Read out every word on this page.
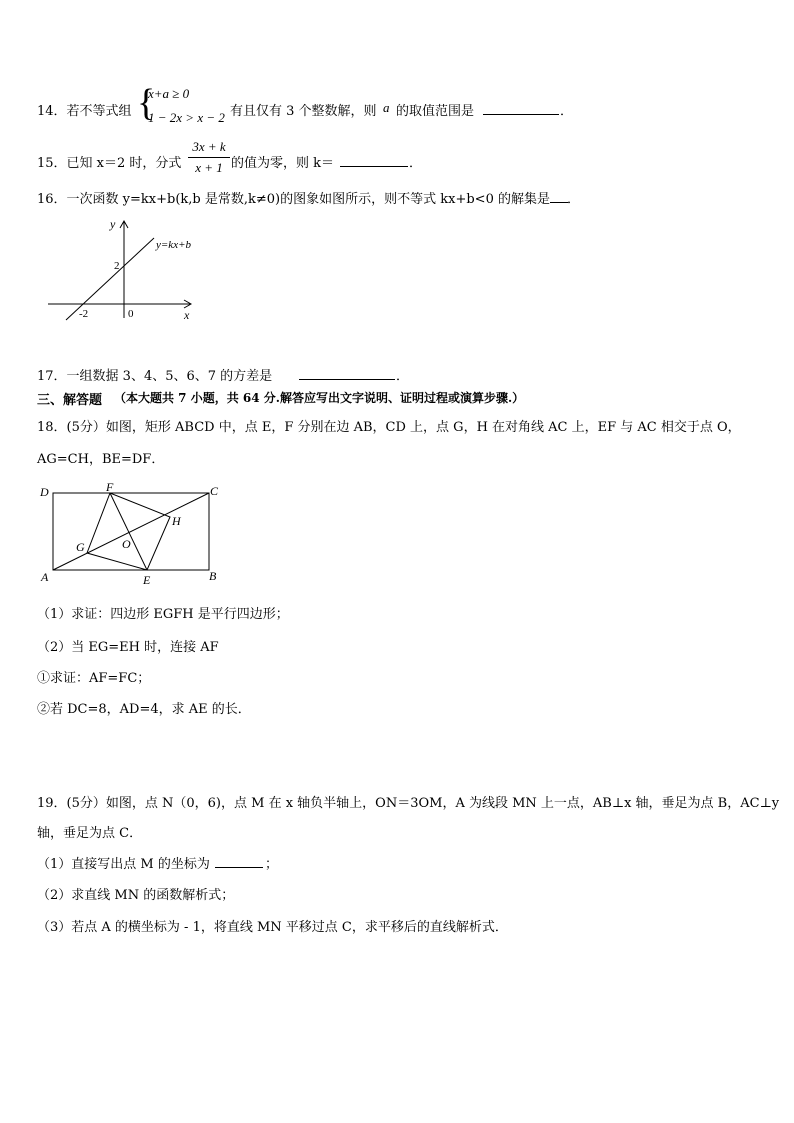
14．若不等式组 {
x+a ≥ 0
1 − 2x > x − 2 有且仅有 3 个整数解，则 a 的取值范围是	．
15．已知 x＝2 时，分式
3x + k
x + 1 的值为零，则 k＝	．
16．一次函数 y=kx+b(k,b 是常数,k≠0)的图象如图所示，则不等式 kx+b<0 的解集是 ．
y
x
y=kx+b
2
-2	0
17．一组数据 3、4、5、6、7 的方差是	．
三、解答题 （本大题共 7 小题，共 64 分.解答应写出文字说明、证明过程或演算步骤.）
18．(5分）如图，矩形 ABCD 中，点 E，F 分别在边 AB，CD 上，点 G，H 在对角线 AC 上，EF 与 AC 相交于点 O，
AG=CH，BE=DF．
D	F	C
H
O
G
A	E	B
（1）求证：四边形 EGFH 是平行四边形；
（2）当 EG=EH 时，连接 AF
①求证：AF=FC；
②若 DC=8，AD=4，求 AE 的长．
19．(5分）如图，点 N（0，6)，点 M 在 x 轴负半轴上，ON＝3OM，A 为线段 MN 上一点，AB⊥x 轴，垂足为点 B，AC⊥y
轴，垂足为点 C．
（1）直接写出点 M 的坐标为	；
（2）求直线 MN 的函数解析式；
（3）若点 A 的横坐标为 - 1，将直线 MN 平移过点 C，求平移后的直线解析式．
